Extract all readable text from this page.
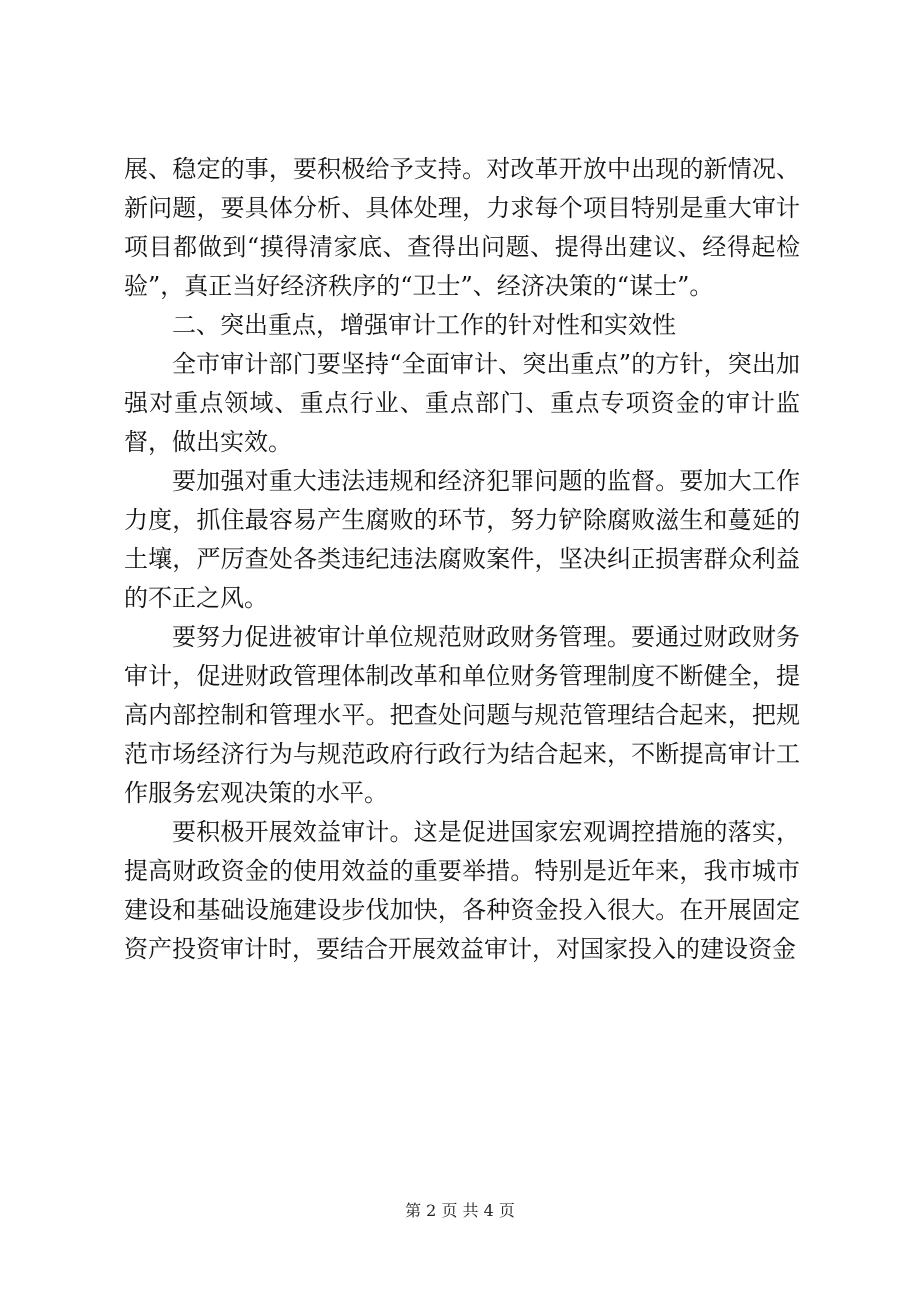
展、稳定的事，要积极给予支持。对改革开放中出现的新情况、新问题，要具体分析、具体处理，力求每个项目特别是重大审计项目都做到“摸得清家底、查得出问题、提得出建议、经得起检验”，真正当好经济秩序的“卫士”、经济决策的“谋士”。

二、突出重点，增强审计工作的针对性和实效性

全市审计部门要坚持“全面审计、突出重点”的方针，突出加强对重点领域、重点行业、重点部门、重点专项资金的审计监督，做出实效。

要加强对重大违法违规和经济犯罪问题的监督。要加大工作力度，抓住最容易产生腐败的环节，努力铲除腐败滋生和蔓延的土壤，严厉查处各类违纪违法腐败案件，坚决纠正损害群众利益的不正之风。

要努力促进被审计单位规范财政财务管理。要通过财政财务审计，促进财政管理体制改革和单位财务管理制度不断健全，提高内部控制和管理水平。把查处问题与规范管理结合起来，把规范市场经济行为与规范政府行政行为结合起来，不断提高审计工作服务宏观决策的水平。

要积极开展效益审计。这是促进国家宏观调控措施的落实，提高财政资金的使用效益的重要举措。特别是近年来，我市城市建设和基础设施建设步伐加快，各种资金投入很大。在开展固定资产投资审计时，要结合开展效益审计，对国家投入的建设资金

第 2 页 共 4 页
